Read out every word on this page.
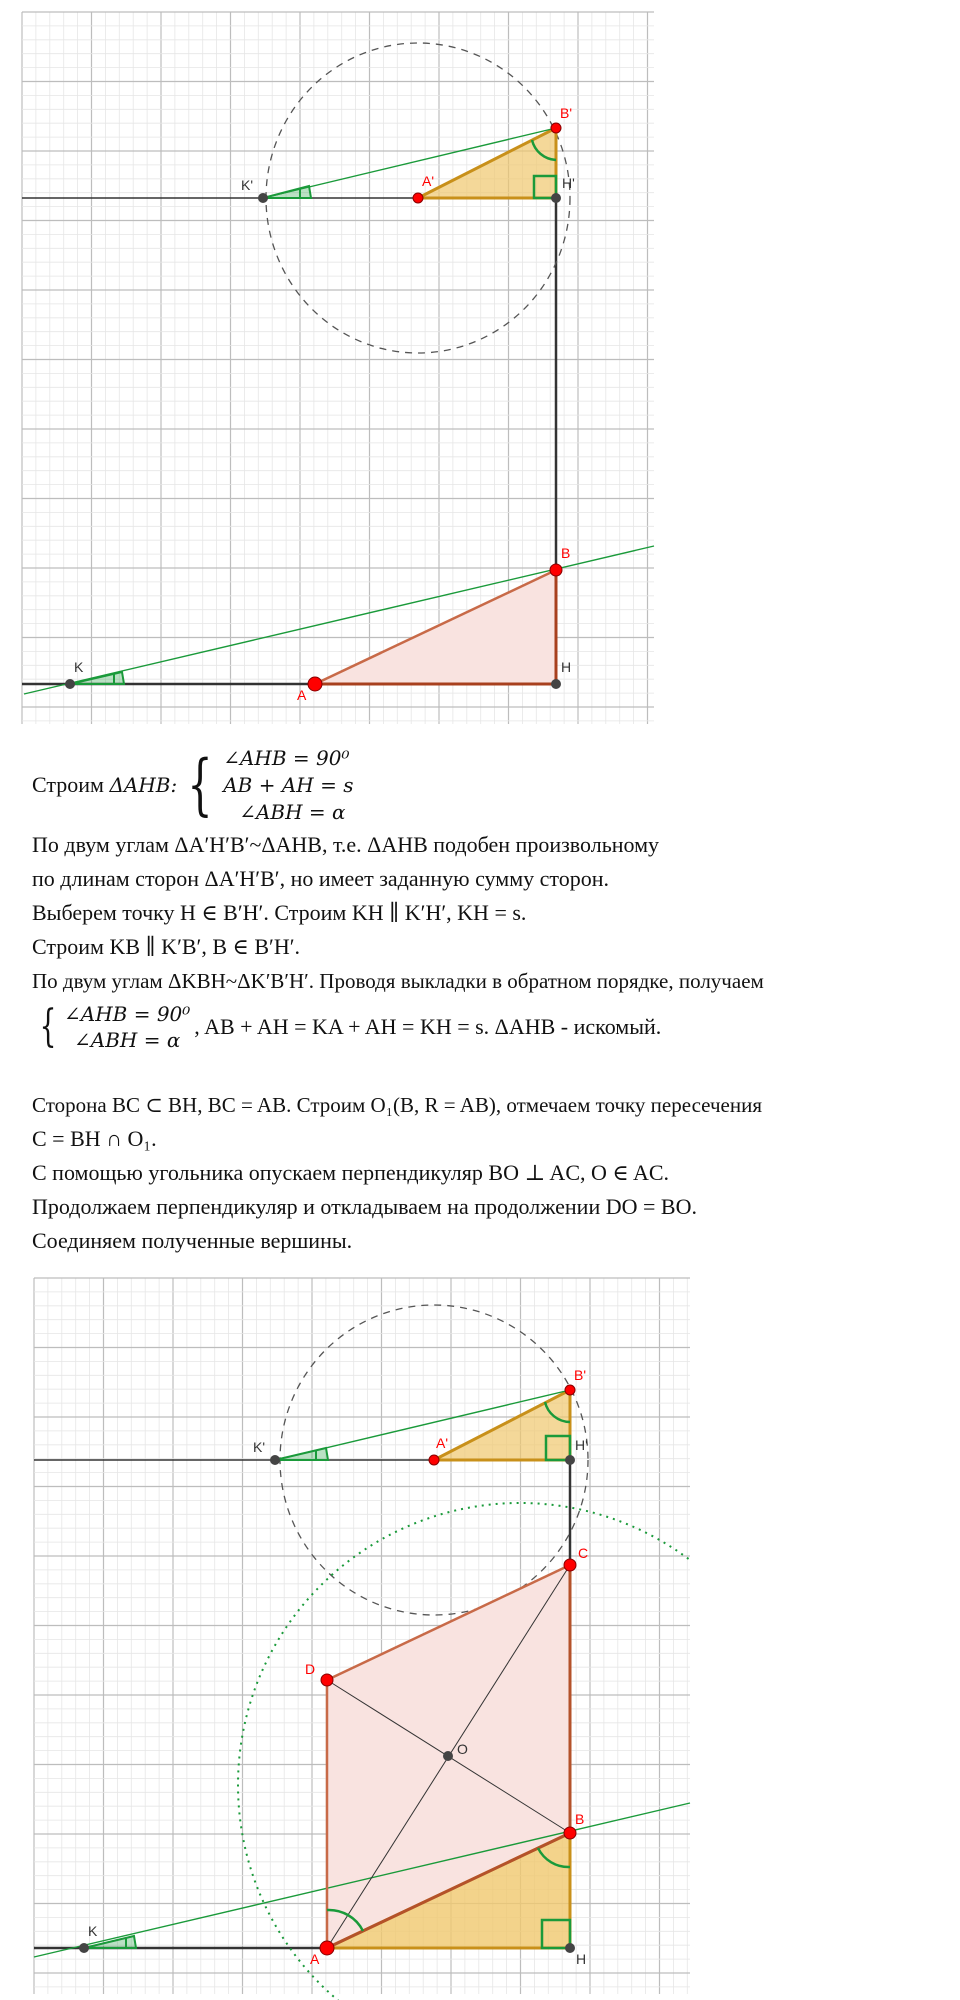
K'	A'
B'
H'
K
A
B
H
Строим ΔAHB: { ∠AHB = 90⁰
AB + AH = s
∠ABH = α
По двум углам ΔA′H′B′~ΔAHB, т.е. ΔAHB подобен произвольному
по длинам сторон ΔA′H′B′, но имеет заданную сумму сторон.
Выберем точку H ∈ B′H′. Строим KH ∥ K′H′, KH = s.
Строим KB ∥ K′B′, B ∈ B′H′.
По двум углам ΔKBH~ΔK′B′H′. Проводя выкладки в обратном порядке, получаем
{ ∠AHB = 90⁰
∠ABH = α
, AB + AH = KA + AH = KH = s. ΔAHB - искомый.
Сторона BC ⊂ BH, BC = AB. Строим O₁(B, R = AB), отмечаем точку пересечения
C = BH ∩ O₁.
С помощью угольника опускаем перпендикуляр BO ⊥ AC, O ∈ AC.
Продолжаем перпендикуляр и откладываем на продолжении DO = BO.
Соединяем полученные вершины.
K'	A'
B'
H'
C
D
O
B
K
A	H
